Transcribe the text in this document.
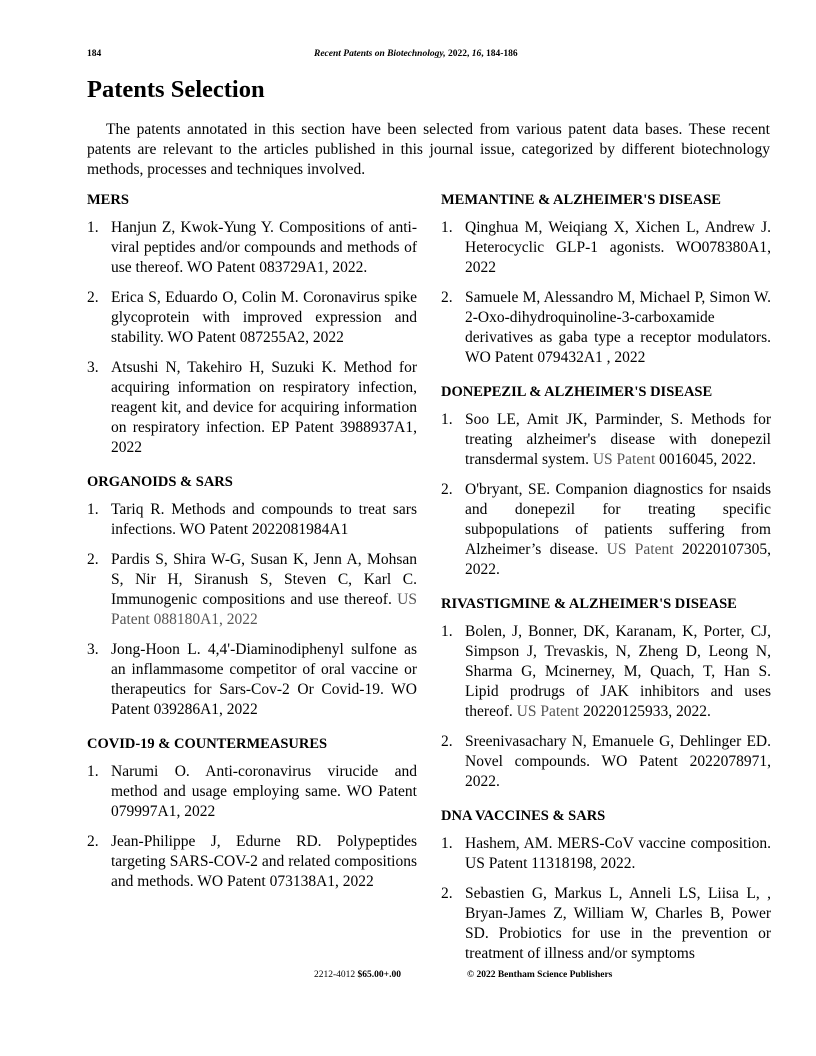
184	Recent Patents on Biotechnology, 2022, 16, 184-186
Patents Selection

The patents annotated in this section have been selected from various patent data bases. These recent patents are relevant to the articles published in this journal issue, categorized by different biotechnology methods, processes and techniques involved.

MERS
1. Hanjun Z, Kwok-Yung Y. Compositions of anti-viral peptides and/or compounds and methods of use thereof. WO Patent 083729A1, 2022.
2. Erica S, Eduardo O, Colin M. Coronavirus spike glycoprotein with improved expression and stability. WO Patent 087255A2, 2022
3. Atsushi N, Takehiro H, Suzuki K. Method for acquiring information on respiratory infection, reagent kit, and device for acquiring information on respiratory infection. EP Patent 3988937A1, 2022
ORGANOIDS & SARS
1. Tariq R. Methods and compounds to treat sars infections. WO Patent 2022081984A1
2. Pardis S, Shira W-G, Susan K, Jenn A, Mohsan S, Nir H, Siranush S, Steven C, Karl C. Immunogenic compositions and use thereof. US Patent 088180A1, 2022
3. Jong-Hoon L. 4,4'-Diaminodiphenyl sulfone as an inflammasome competitor of oral vaccine or therapeutics for Sars-Cov-2 Or Covid-19. WO Patent 039286A1, 2022
COVID-19 & COUNTERMEASURES
1. Narumi O. Anti-coronavirus virucide and method and usage employing same. WO Patent 079997A1, 2022
2. Jean-Philippe J, Edurne RD. Polypeptides targeting SARS-COV-2 and related compositions and methods. WO Patent 073138A1, 2022
MEMANTINE & ALZHEIMER'S DISEASE
1. Qinghua M, Weiqiang X, Xichen L, Andrew J. Heterocyclic GLP-1 agonists. WO078380A1, 2022
2. Samuele M, Alessandro M, Michael P, Simon W. 2-Oxo-dihydroquinoline-3-carboxamide derivatives as gaba type a receptor modulators. WO Patent 079432A1 , 2022
DONEPEZIL & ALZHEIMER'S DISEASE
1. Soo LE, Amit JK, Parminder, S. Methods for treating alzheimer's disease with donepezil transdermal system. US Patent 0016045, 2022.
2. O'bryant, SE. Companion diagnostics for nsaids and donepezil for treating specific subpopulations of patients suffering from Alzheimer’s disease. US Patent 20220107305, 2022.
RIVASTIGMINE & ALZHEIMER'S DISEASE
1. Bolen, J, Bonner, DK, Karanam, K, Porter, CJ, Simpson J, Trevaskis, N, Zheng D, Leong N, Sharma G, Mcinerney, M, Quach, T, Han S. Lipid prodrugs of JAK inhibitors and uses thereof. US Patent 20220125933, 2022.
2. Sreenivasachary N, Emanuele G, Dehlinger ED. Novel compounds. WO Patent 2022078971, 2022.
DNA VACCINES & SARS
1. Hashem, AM. MERS-CoV vaccine composition. US Patent 11318198, 2022.
2. Sebastien G, Markus L, Anneli LS, Liisa L, , Bryan-James Z, William W, Charles B, Power SD. Probiotics for use in the prevention or treatment of illness and/or symptoms
2212-4012 $65.00+.00	© 2022 Bentham Science Publishers
